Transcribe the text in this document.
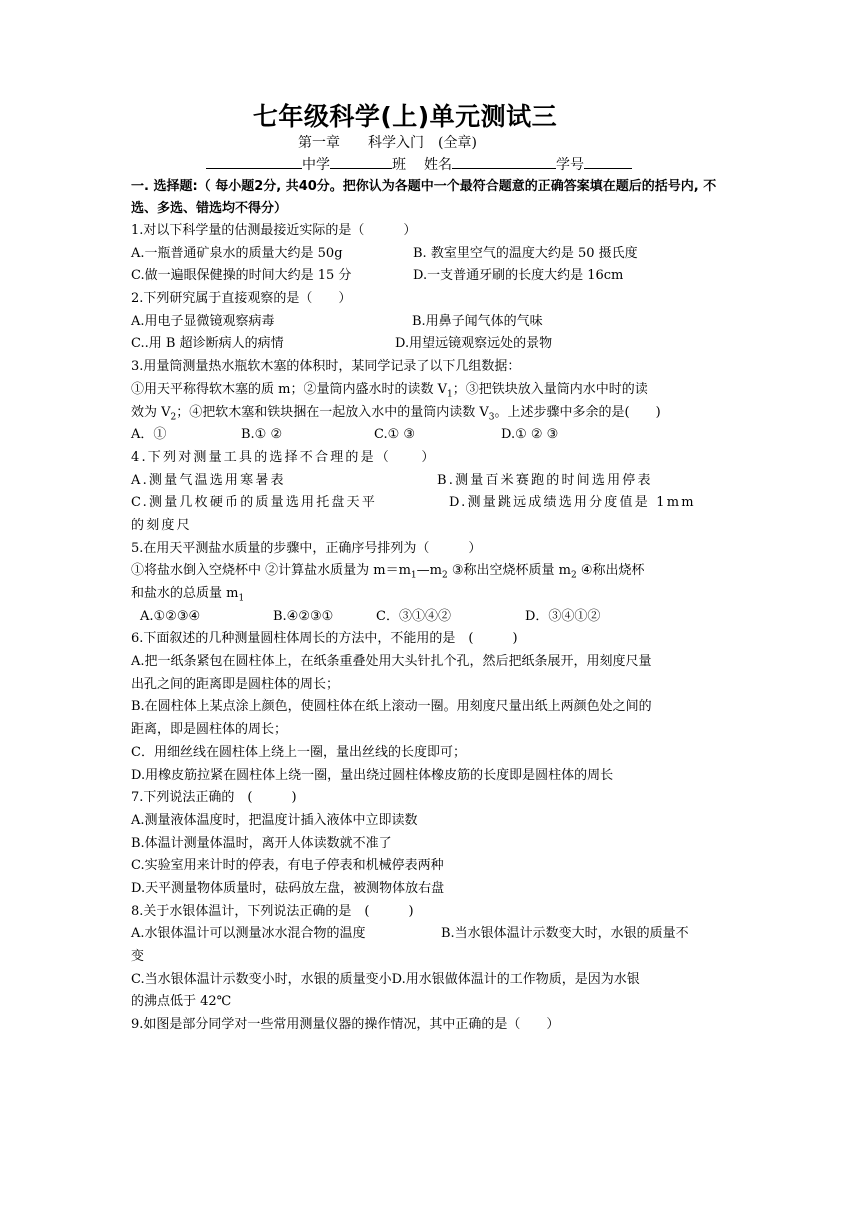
七年级科学(上)单元测试三
第一章　　科学入门　(全章)
中学	班 姓名	学号
一. 选择题:（ 每小题2分, 共40分。把你认为各题中一个最符合题意的正确答案填在题后的括号内, 不选、多选、错选均不得分）
1.对以下科学量的估测最接近实际的是（　　　）
A.一瓶普通矿泉水的质量大约是 50g	B. 教室里空气的温度大约是 50 摄氏度
C.做一遍眼保健操的时间大约是 15 分	D.一支普通牙刷的长度大约是 16cm
2.下列研究属于直接观察的是（　　）
A.用电子显微镜观察病毒	B.用鼻子闻气体的气味
C..用 B 超诊断病人的病情	D.用望远镜观察远处的景物
3.用量筒测量热水瓶软木塞的体积时，某同学记录了以下几组数据：
①用天平称得软木塞的质 m；②量筒内盛水时的读数 $V_1$；③把铁块放入量筒内水中时的读
效为 $V_2$；④把软木塞和铁块捆在一起放入水中的量筒内读数 $V_3$。上述步骤中多余的是(　　)
A．①	B.① ②	C.① ③	D.① ② ③
4.下列对测量工具的选择不合理的是（　　）
A.测量气温选用寒暑表	B.测量百米赛跑的时间选用停表
C.测量几枚硬币的质量选用托盘天平	D.测量跳远成绩选用分度值是 1mm
的刻度尺
5.在用天平测盐水质量的步骤中，正确序号排列为（　　　）
①将盐水倒入空烧杯中 ②计算盐水质量为 $m=m_1—m_2$ ③称出空烧杯质量 $m_2$ ④称出烧杯
和盐水的总质量 $m_1$
A.①②③④	B.④②③①	C．③①④②	D．③④①②
6.下面叙述的几种测量圆柱体周长的方法中，不能用的是　(　　　)
A.把一纸条紧包在圆柱体上，在纸条重叠处用大头针扎个孔，然后把纸条展开，用刻度尺量
出孔之间的距离即是圆柱体的周长；
B.在圆柱体上某点涂上颜色，使圆柱体在纸上滚动一圈。用刻度尺量出纸上两颜色处之间的
距离，即是圆柱体的周长；
C．用细丝线在圆柱体上绕上一圈，量出丝线的长度即可；
D.用橡皮筋拉紧在圆柱体上绕一圈，量出绕过圆柱体橡皮筋的长度即是圆柱体的周长
7.下列说法正确的　(　　　)
A.测量液体温度时，把温度计插入液体中立即读数
B.体温计测量体温时，离开人体读数就不准了
C.实验室用来计时的停表，有电子停表和机械停表两种
D.天平测量物体质量时，砝码放左盘，被测物体放右盘
8.关于水银体温计，下列说法正确的是　(　　　)
A.水银体温计可以测量冰水混合物的温度	B.当水银体温计示数变大时，水银的质量不
变
C.当水银体温计示数变小时，水银的质量变小D.用水银做体温计的工作物质，是因为水银
的沸点低于 42℃
9.如图是部分同学对一些常用测量仪器的操作情况，其中正确的是（　　）
